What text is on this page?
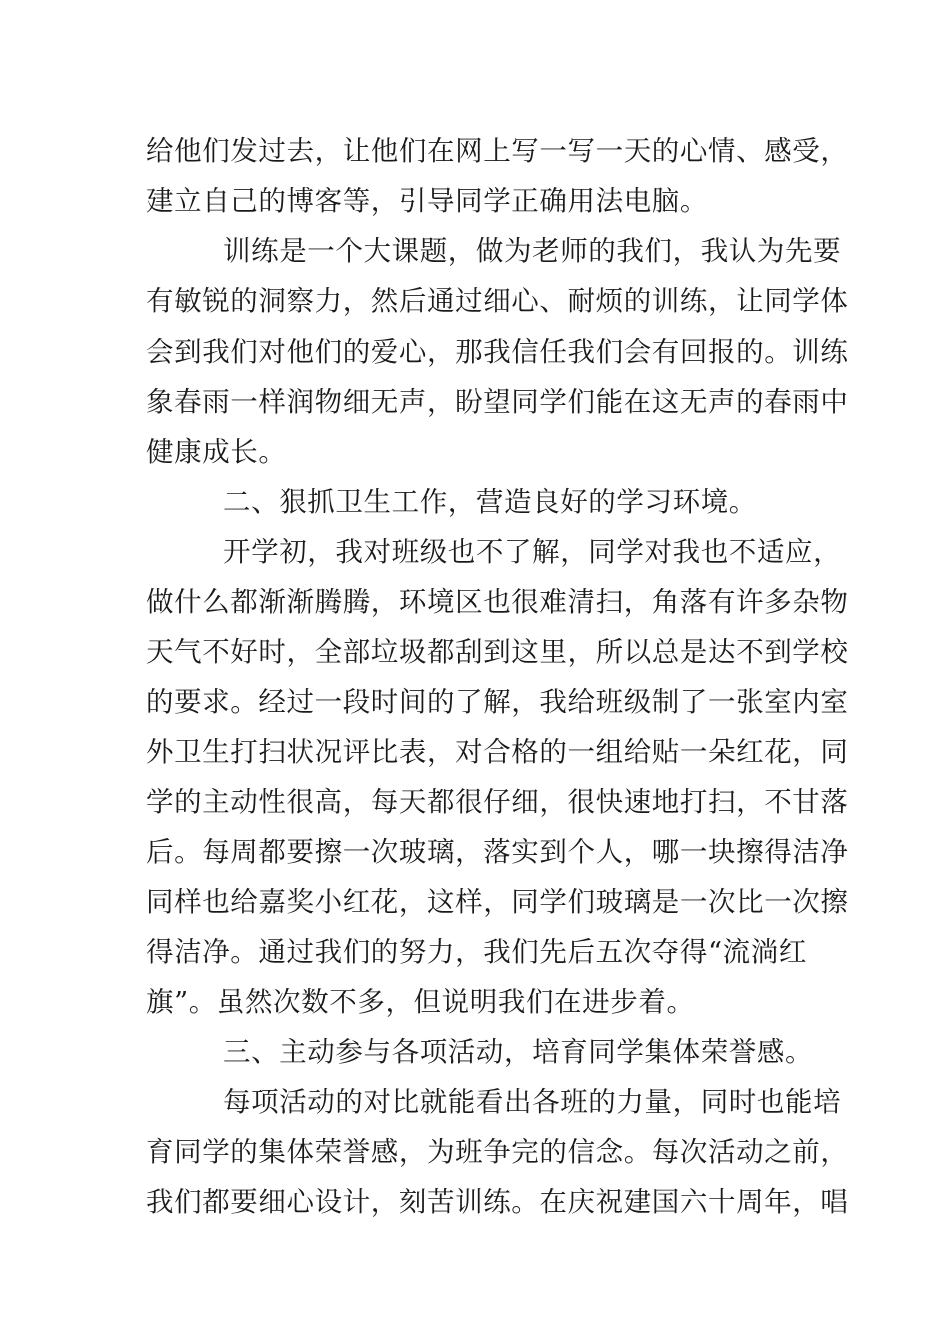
给他们发过去，让他们在网上写一写一天的心情、感受，
建立自己的博客等，引导同学正确用法电脑。
训练是一个大课题，做为老师的我们，我认为先要
有敏锐的洞察力，然后通过细心、耐烦的训练，让同学体
会到我们对他们的爱心，那我信任我们会有回报的。训练
象春雨一样润物细无声，盼望同学们能在这无声的春雨中
健康成长。
二、狠抓卫生工作，营造良好的学习环境。
开学初，我对班级也不了解，同学对我也不适应，
做什么都渐渐腾腾，环境区也很难清扫，角落有许多杂物
天气不好时，全部垃圾都刮到这里，所以总是达不到学校
的要求。经过一段时间的了解，我给班级制了一张室内室
外卫生打扫状况评比表，对合格的一组给贴一朵红花，同
学的主动性很高，每天都很仔细，很快速地打扫，不甘落
后。每周都要擦一次玻璃，落实到个人，哪一块擦得洁净
同样也给嘉奖小红花，这样，同学们玻璃是一次比一次擦
得洁净。通过我们的努力，我们先后五次夺得“流淌红
旗”。虽然次数不多，但说明我们在进步着。
三、主动参与各项活动，培育同学集体荣誉感。
每项活动的对比就能看出各班的力量，同时也能培
育同学的集体荣誉感，为班争完的信念。每次活动之前，
我们都要细心设计，刻苦训练。在庆祝建国六十周年，唱
